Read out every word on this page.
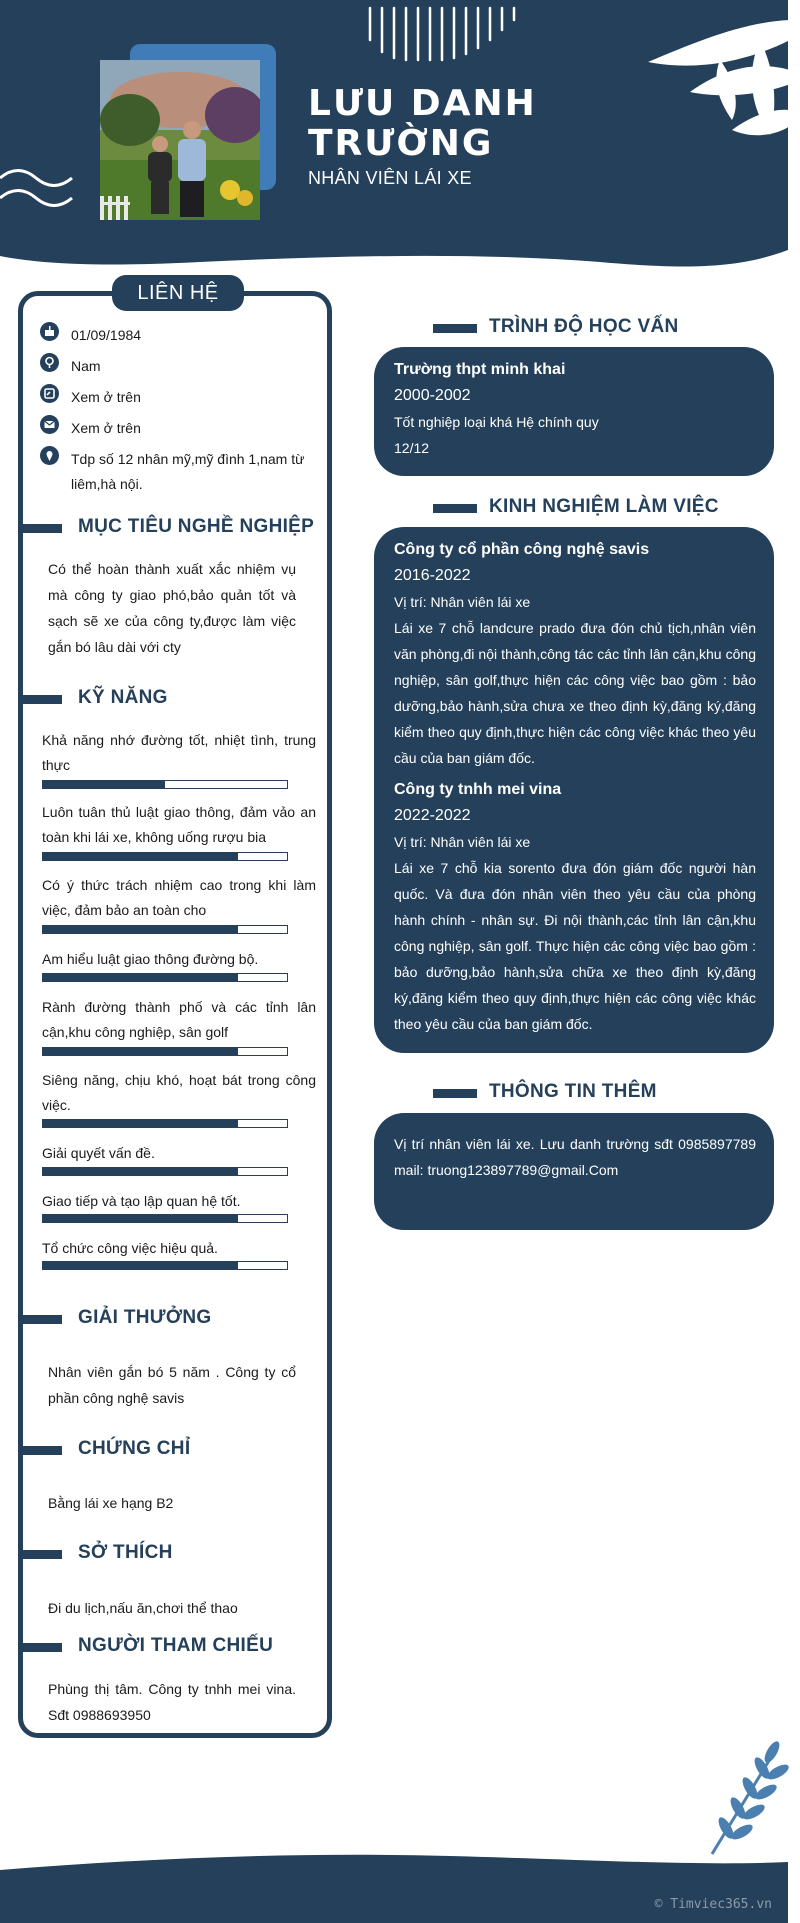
LƯU DANH
TRƯỜNG
NHÂN VIÊN LÁI XE
LIÊN HỆ
01/09/1984
Nam
Xem ở trên
Xem ở trên
Tdp số 12 nhân mỹ,mỹ đình 1,nam từ liêm,hà nội.
MỤC TIÊU NGHỀ NGHIỆP
Có thể hoàn thành xuất xắc nhiệm vụ mà công ty giao phó,bảo quản tốt và sạch sẽ xe của công ty,được làm việc gắn bó lâu dài với cty
KỸ NĂNG
Khả năng nhớ đường tốt, nhiệt tình, trung thực
Luôn tuân thủ luật giao thông, đảm vảo an toàn khi lái xe, không uống rượu bia
Có ý thức trách nhiệm cao trong khi làm việc, đảm bảo an toàn cho
Am hiểu luật giao thông đường bộ.
Rành đường thành phố và các tỉnh lân cận,khu công nghiệp, sân golf
Siêng năng, chịu khó, hoạt bát trong công việc.
Giải quyết vấn đề.
Giao tiếp và tạo lập quan hệ tốt.
Tổ chức công việc hiệu quả.
GIẢI THƯỞNG
Nhân viên gắn bó 5 năm . Công ty cổ phần công nghệ savis
CHỨNG CHỈ
Bằng lái xe hạng B2
SỞ THÍCH
Đi du lịch,nấu ăn,chơi thể thao
NGƯỜI THAM CHIẾU
Phùng thị tâm. Công ty tnhh mei vina. Sđt 0988693950
TRÌNH ĐỘ HỌC VẤN
Trường thpt minh khai
2000-2002
Tốt nghiệp loại khá Hệ chính quy
12/12
KINH NGHIỆM LÀM VIỆC
Công ty cổ phần công nghệ savis
2016-2022
Vị trí: Nhân viên lái xe
Lái xe 7 chỗ landcure prado đưa đón chủ tịch,nhân viên văn phòng,đi nội thành,công tác các tỉnh lân cận,khu công nghiệp, sân golf,thực hiện các công việc bao gồm : bảo dưỡng,bảo hành,sửa chưa xe theo định kỳ,đăng ký,đăng kiểm theo quy định,thực hiện các công việc khác theo yêu cầu của ban giám đốc.
Công ty tnhh mei vina
2022-2022
Vị trí: Nhân viên lái xe
Lái xe 7 chỗ kia sorento đưa đón giám đốc người hàn quốc. Và đưa đón nhân viên theo yêu cầu của phòng hành chính - nhân sự. Đi nội thành,các tỉnh lân cận,khu công nghiệp, sân golf. Thực hiện các công việc bao gồm : bảo dưỡng,bảo hành,sửa chữa xe theo định kỳ,đăng ký,đăng kiểm theo quy định,thực hiện các công việc khác theo yêu cầu của ban giám đốc.
THÔNG TIN THÊM
Vị trí nhân viên lái xe. Lưu danh trường sđt 0985897789 mail: truong123897789@gmail.Com
© Timviec365.vn
